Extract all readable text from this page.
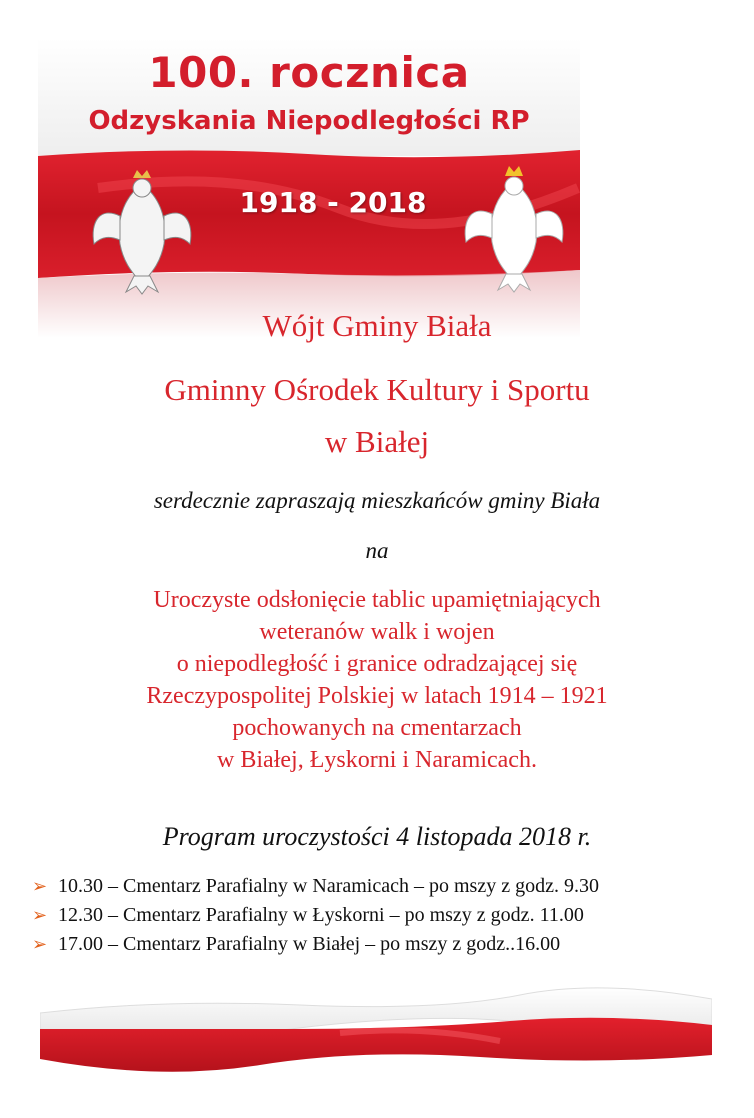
100. rocznica
Odzyskania Niepodległości RP
1918 - 2018
Wójt Gminy Biała
Gminny Ośrodek Kultury i Sportu
w Białej
serdecznie zapraszają mieszkańców gminy Biała
na
Uroczyste odsłonięcie tablic upamiętniających
weteranów walk i wojen
o niepodległość i granice odradzającej się
Rzeczypospolitej Polskiej w latach 1914 – 1921
pochowanych na cmentarzach
w Białej, Łyskorni i Naramicach.
Program uroczystości 4 listopada 2018 r.
➢ 10.30 – Cmentarz Parafialny w Naramicach – po mszy z godz. 9.30
➢ 12.30 – Cmentarz Parafialny w Łyskorni – po mszy z godz. 11.00
➢ 17.00 – Cmentarz Parafialny w Białej – po mszy z godz..16.00
